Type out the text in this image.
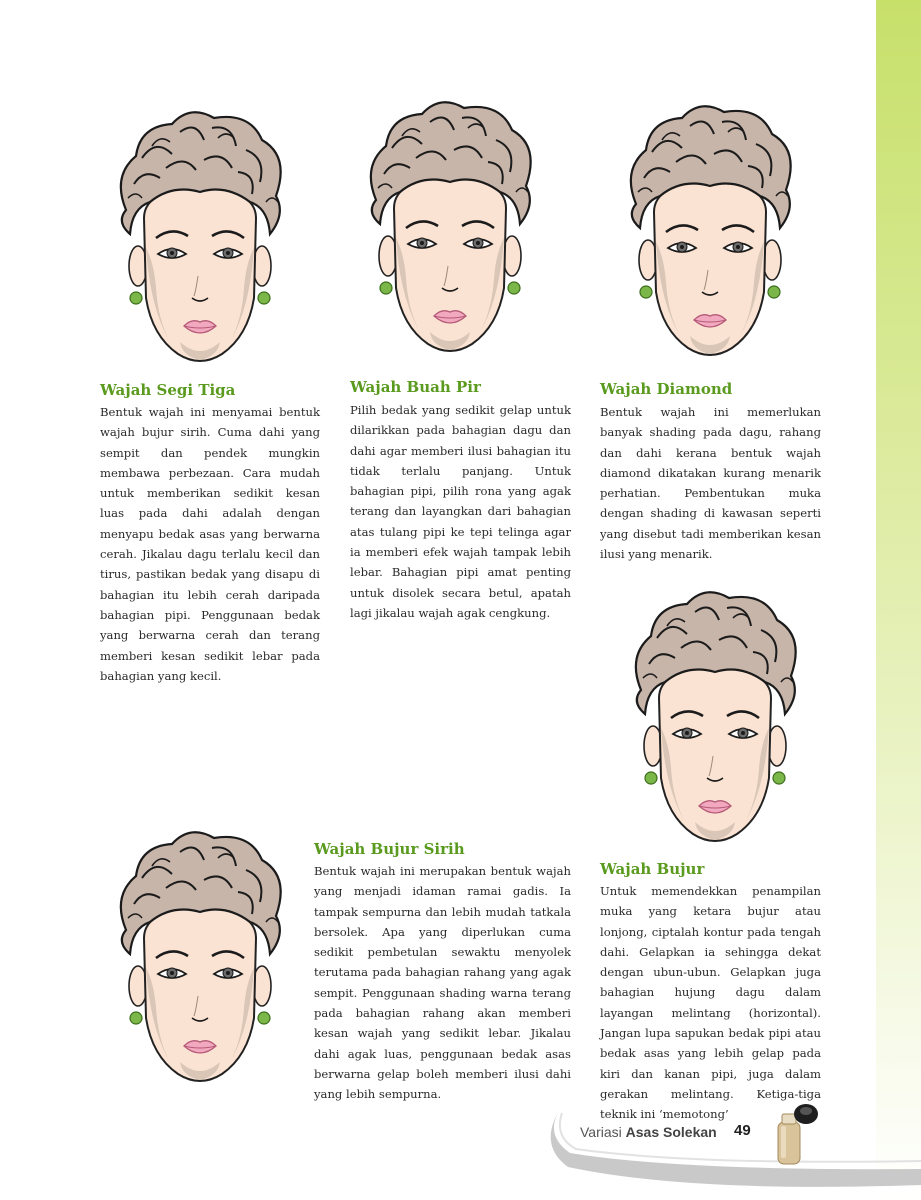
Wajah Segi Tiga

Bentuk wajah ini menyamai bentuk wajah bujur sirih. Cuma dahi yang sempit dan pendek mungkin membawa perbezaan. Cara mudah untuk memberikan sedikit kesan luas pada dahi adalah dengan menyapu bedak asas yang berwarna cerah. Jikalau dagu terlalu kecil dan tirus, pastikan bedak yang disapu di bahagian itu lebih cerah daripada bahagian pipi. Penggunaan bedak yang berwarna cerah dan terang memberi kesan sedikit lebar pada bahagian yang kecil.

Wajah Buah Pir

Pilih bedak yang sedikit gelap untuk dilarikkan pada bahagian dagu dan dahi agar memberi ilusi bahagian itu tidak terlalu panjang. Untuk bahagian pipi, pilih rona yang agak terang dan layangkan dari bahagian atas tulang pipi ke tepi telinga agar ia memberi efek wajah tampak lebih lebar. Bahagian pipi amat penting untuk disolek secara betul, apatah lagi jikalau wajah agak cengkung.

Wajah Diamond

Bentuk wajah ini memerlukan banyak shading pada dagu, rahang dan dahi kerana bentuk wajah diamond dikatakan kurang menarik perhatian. Pembentukan muka dengan shading di kawasan seperti yang disebut tadi memberikan kesan ilusi yang menarik.

Wajah Bujur Sirih

Bentuk wajah ini merupakan bentuk wajah yang menjadi idaman ramai gadis. Ia tampak sempurna dan lebih mudah tatkala bersolek. Apa yang diperlukan cuma sedikit pembetulan sewaktu menyolek terutama pada bahagian rahang yang agak sempit. Penggunaan shading warna terang pada bahagian rahang akan memberi kesan wajah yang sedikit lebar. Jikalau dahi agak luas, penggunaan bedak asas berwarna gelap boleh memberi ilusi dahi yang lebih sempurna.

Wajah Bujur

Untuk memendekkan penampilan muka yang ketara bujur atau lonjong, ciptalah kontur pada tengah dahi. Gelapkan ia sehingga dekat dengan ubun-ubun. Gelapkan juga bahagian hujung dagu dalam layangan melintang (horizontal). Jangan lupa sapukan bedak pipi atau bedak asas yang lebih gelap pada kiri dan kanan pipi, juga dalam gerakan melintang. Ketiga-tiga teknik ini ‘memotong’

Variasi Asas Solekan 49
